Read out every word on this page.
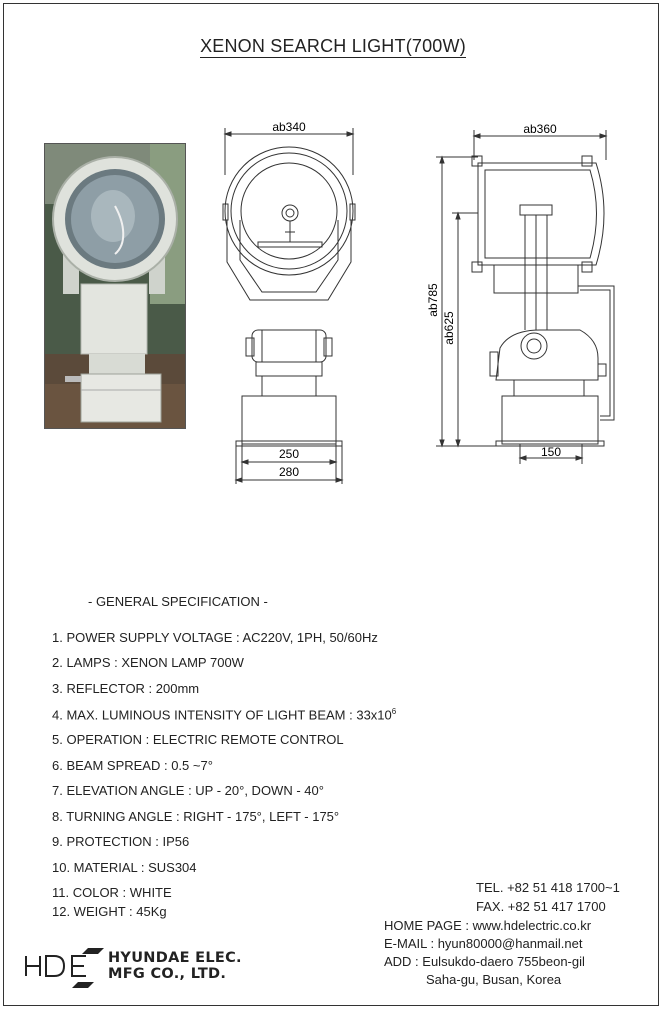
XENON SEARCH LIGHT(700W)
ab340
250
280
ab360
150
ab785
ab625
- GENERAL SPECIFICATION -
1. POWER SUPPLY VOLTAGE : AC220V, 1PH, 50/60Hz
2. LAMPS : XENON LAMP 700W
3. REFLECTOR : 200mm
4. MAX. LUMINOUS INTENSITY OF LIGHT BEAM : $33x10^6$
5. OPERATION : ELECTRIC REMOTE CONTROL
6. BEAM SPREAD : 0.5 ~7°
7. ELEVATION ANGLE : UP - 20°, DOWN - 40°
8. TURNING ANGLE : RIGHT - 175°, LEFT - 175°
9. PROTECTION : IP56
10. MATERIAL : SUS304
11. COLOR : WHITE
12. WEIGHT : 45Kg
TEL. +82 51 418 1700~1
FAX. +82 51 417 1700
HOME PAGE : www.hdelectric.co.kr
E-MAIL : hyun80000@hanmail.net
ADD : Eulsukdo-daero 755beon-gil
Saha-gu, Busan, Korea
HYUNDAE ELEC.
MFG CO., LTD.
